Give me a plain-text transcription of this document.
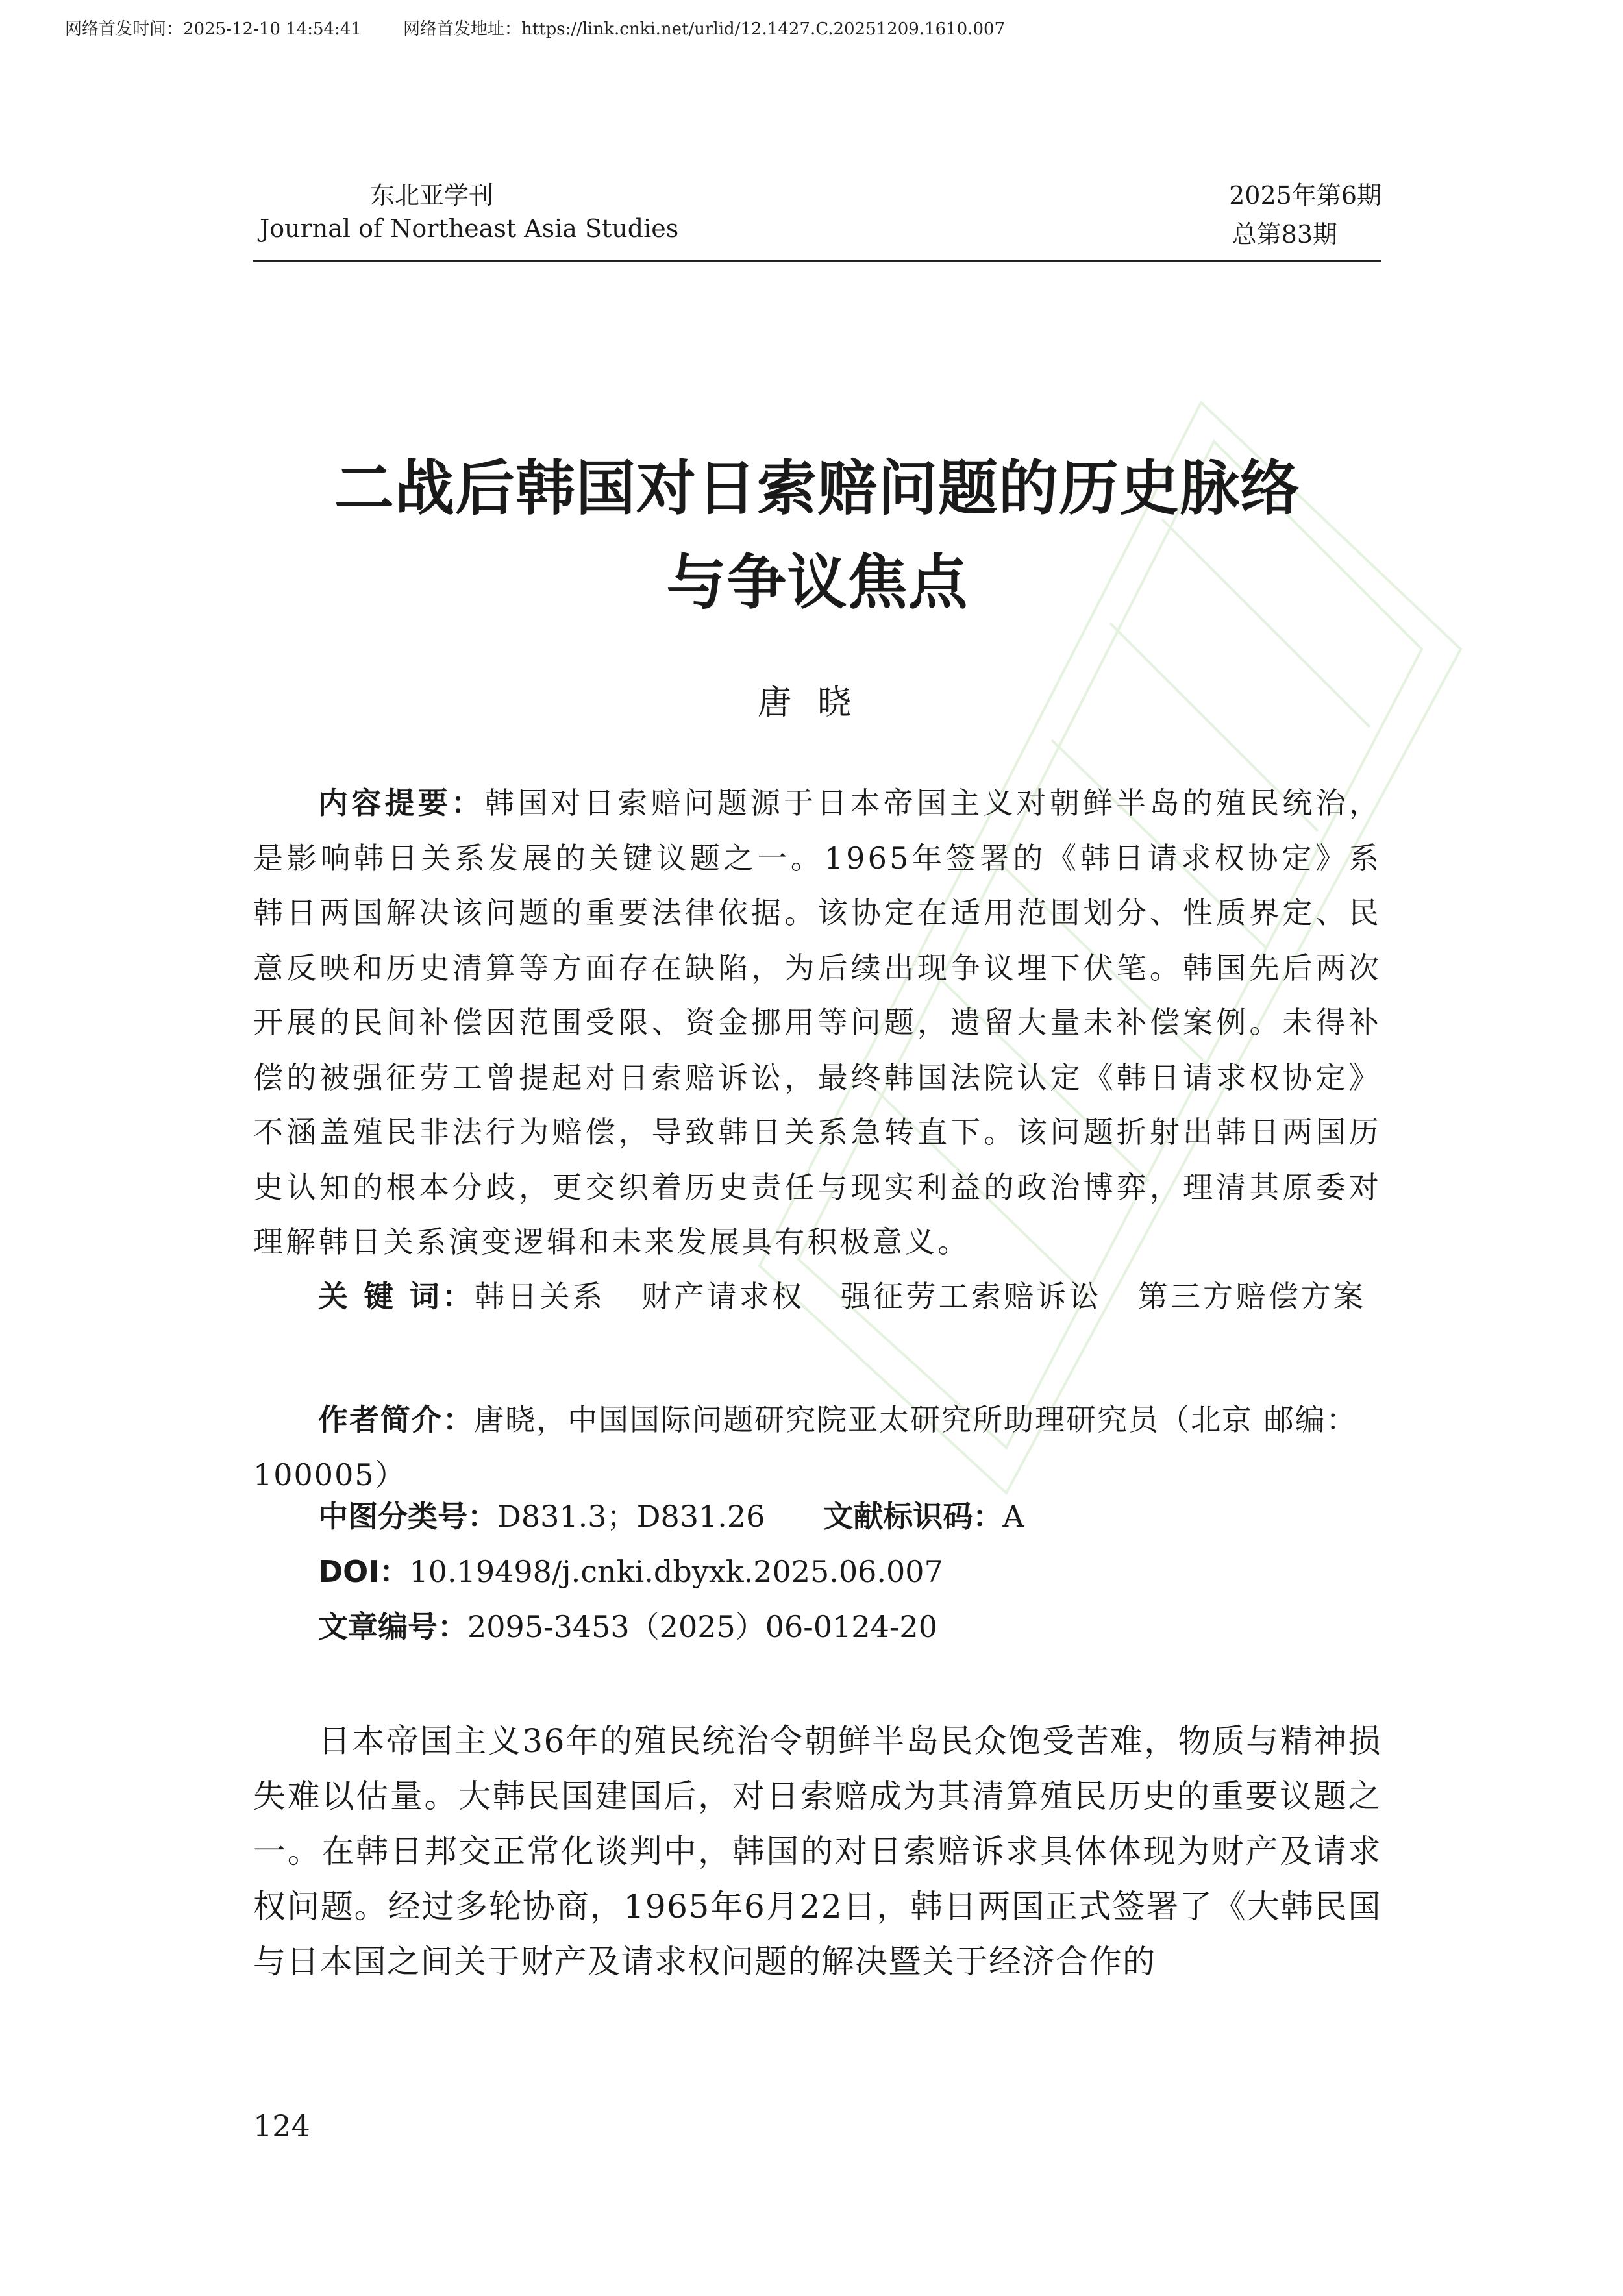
网络首发时间：2025-12-10 14:54:41 网络首发地址：https://link.cnki.net/urlid/12.1427.C.20251209.1610.007
东北亚学刊
Journal of Northeast Asia Studies
2025年第6期
总第83期
二战后韩国对日索赔问题的历史脉络
与争议焦点
唐晓
内容提要：韩国对日索赔问题源于日本帝国主义对朝鲜半岛的殖民统治，是影响韩日关系发展的关键议题之一。1965年签署的《韩日请求权协定》系韩日两国解决该问题的重要法律依据。该协定在适用范围划分、性质界定、民意反映和历史清算等方面存在缺陷，为后续出现争议埋下伏笔。韩国先后两次开展的民间补偿因范围受限、资金挪用等问题，遗留大量未补偿案例。未得补偿的被强征劳工曾提起对日索赔诉讼，最终韩国法院认定《韩日请求权协定》不涵盖殖民非法行为赔偿，导致韩日关系急转直下。该问题折射出韩日两国历史认知的根本分歧，更交织着历史责任与现实利益的政治博弈，理清其原委对理解韩日关系演变逻辑和未来发展具有积极意义。
关 键 词：韩日关系 财产请求权 强征劳工索赔诉讼 第三方赔偿方案
作者简介：唐晓，中国国际问题研究院亚太研究所助理研究员（北京 邮编：100005）
中图分类号：D831.3；D831.26 文献标识码：A
DOI：10.19498/j.cnki.dbyxk.2025.06.007
文章编号：2095-3453（2025）06-0124-20
日本帝国主义36年的殖民统治令朝鲜半岛民众饱受苦难，物质与精神损失难以估量。大韩民国建国后，对日索赔成为其清算殖民历史的重要议题之一。在韩日邦交正常化谈判中，韩国的对日索赔诉求具体体现为财产及请求权问题。经过多轮协商，1965年6月22日，韩日两国正式签署了《大韩民国与日本国之间关于财产及请求权问题的解决暨关于经济合作的
124
